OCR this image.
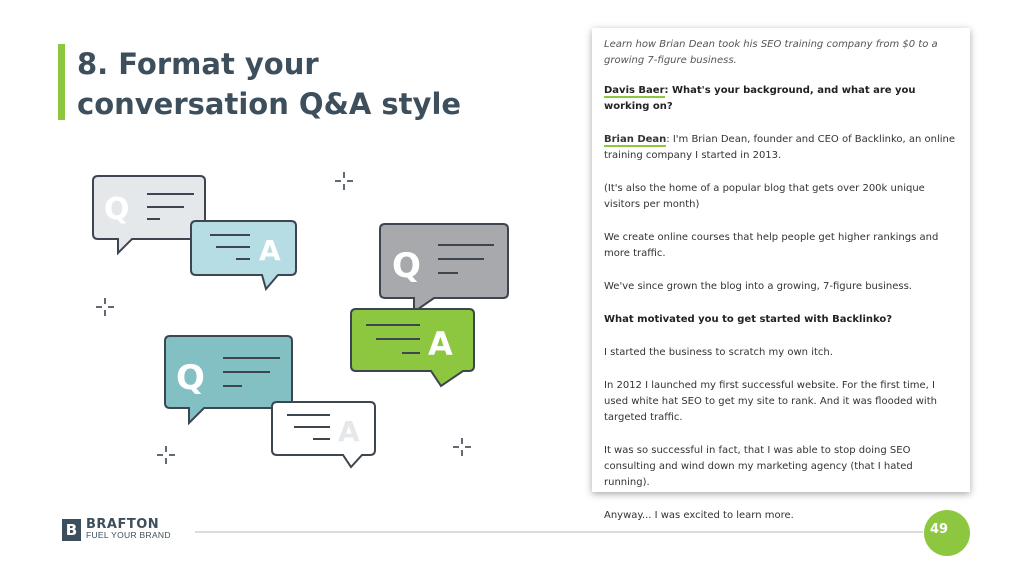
8. Format your
conversation Q&A style
Q
A	Q
A
Q
A

Learn how Brian Dean took his SEO training company from $0 to a growing 7-figure business.

Davis Baer: What's your background, and what are you working on?

Brian Dean: I'm Brian Dean, founder and CEO of Backlinko, an online training company I started in 2013.

(It's also the home of a popular blog that gets over 200k unique visitors per month)

We create online courses that help people get higher rankings and more traffic.

We've since grown the blog into a growing, 7-figure business.

What motivated you to get started with Backlinko?

I started the business to scratch my own itch.

In 2012 I launched my first successful website. For the first time, I used white hat SEO to get my site to rank. And it was flooded with targeted traffic.

It was so successful in fact, that I was able to stop doing SEO consulting and wind down my marketing agency (that I hated running).

Anyway... I was excited to learn more.

B BRAFTON
FUEL YOUR BRAND	49
